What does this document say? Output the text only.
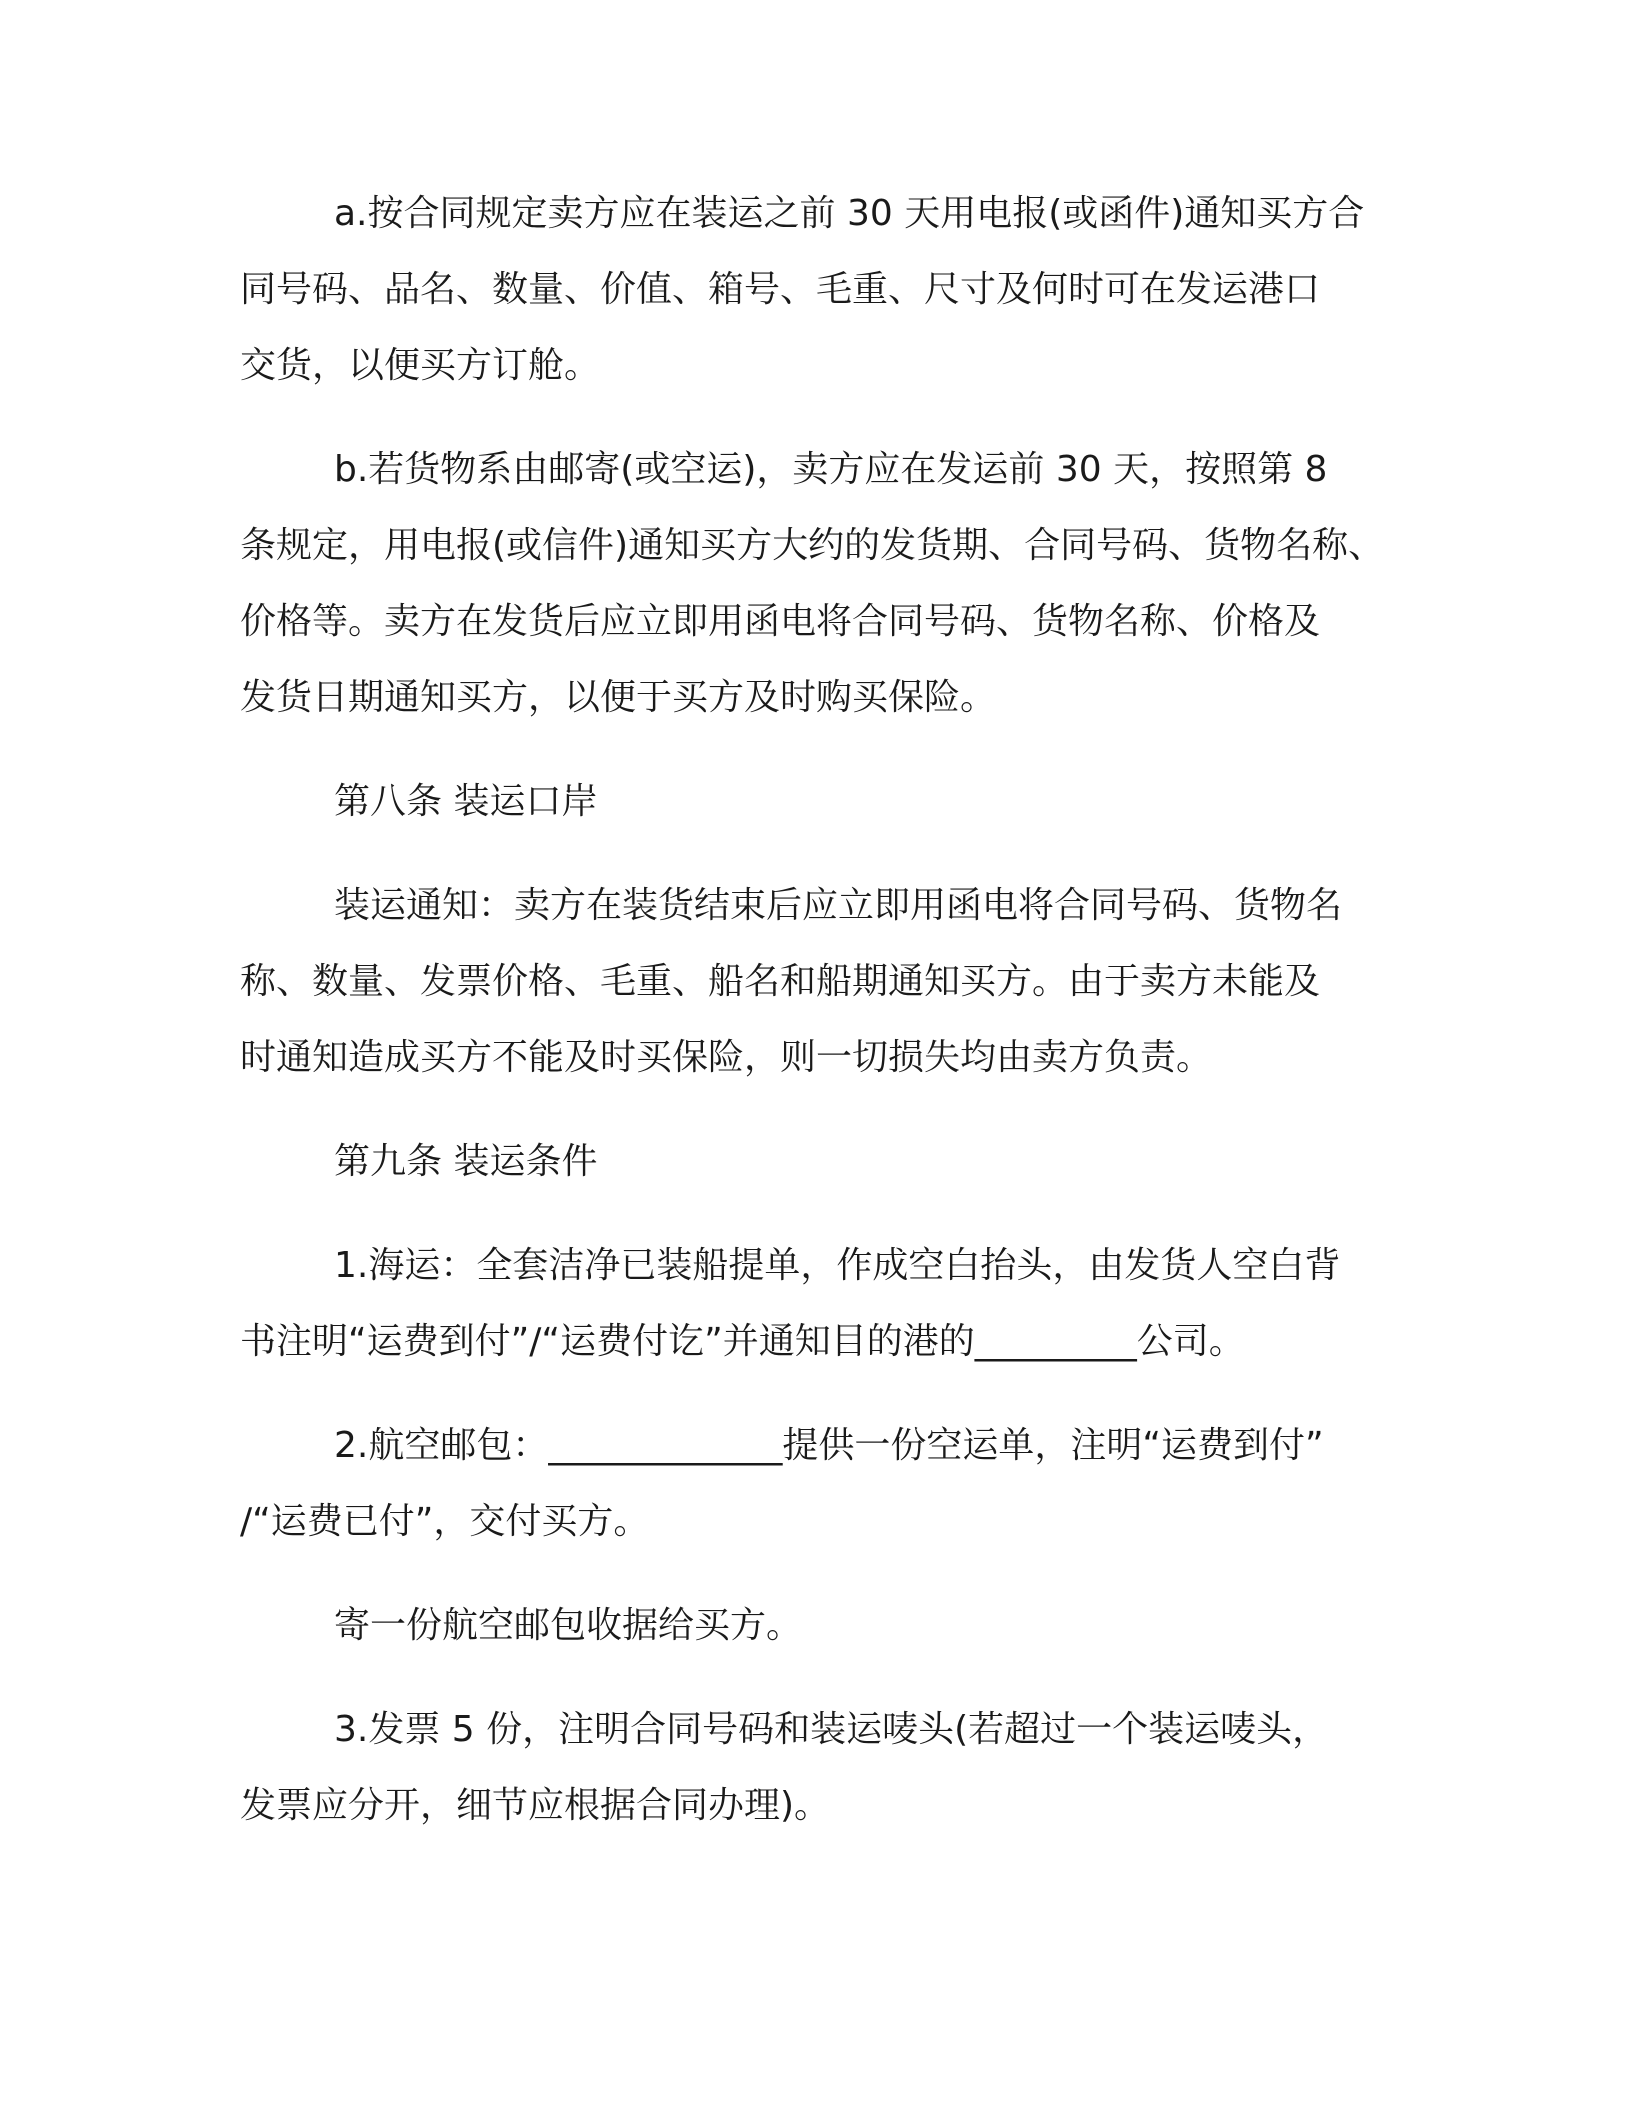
a.按合同规定卖方应在装运之前 30 天用电报(或函件)通知买方合
同号码、品名、数量、价值、箱号、毛重、尺寸及何时可在发运港口
交货，以便买方订舱。

b.若货物系由邮寄(或空运)，卖方应在发运前 30 天，按照第 8
条规定，用电报(或信件)通知买方大约的发货期、合同号码、货物名称、
价格等。卖方在发货后应立即用函电将合同号码、货物名称、价格及
发货日期通知买方，以便于买方及时购买保险。

第八条 装运口岸

装运通知：卖方在装货结束后应立即用函电将合同号码、货物名
称、数量、发票价格、毛重、船名和船期通知买方。由于卖方未能及
时通知造成买方不能及时买保险，则一切损失均由卖方负责。

第九条 装运条件

1.海运：全套洁净已装船提单，作成空白抬头，由发货人空白背
书注明“运费到付”/“运费付讫”并通知目的港的_________公司。

2.航空邮包：_____________提供一份空运单，注明“运费到付”
/“运费已付”，交付买方。

寄一份航空邮包收据给买方。

3.发票 5 份，注明合同号码和装运唛头(若超过一个装运唛头，
发票应分开，细节应根据合同办理)。
